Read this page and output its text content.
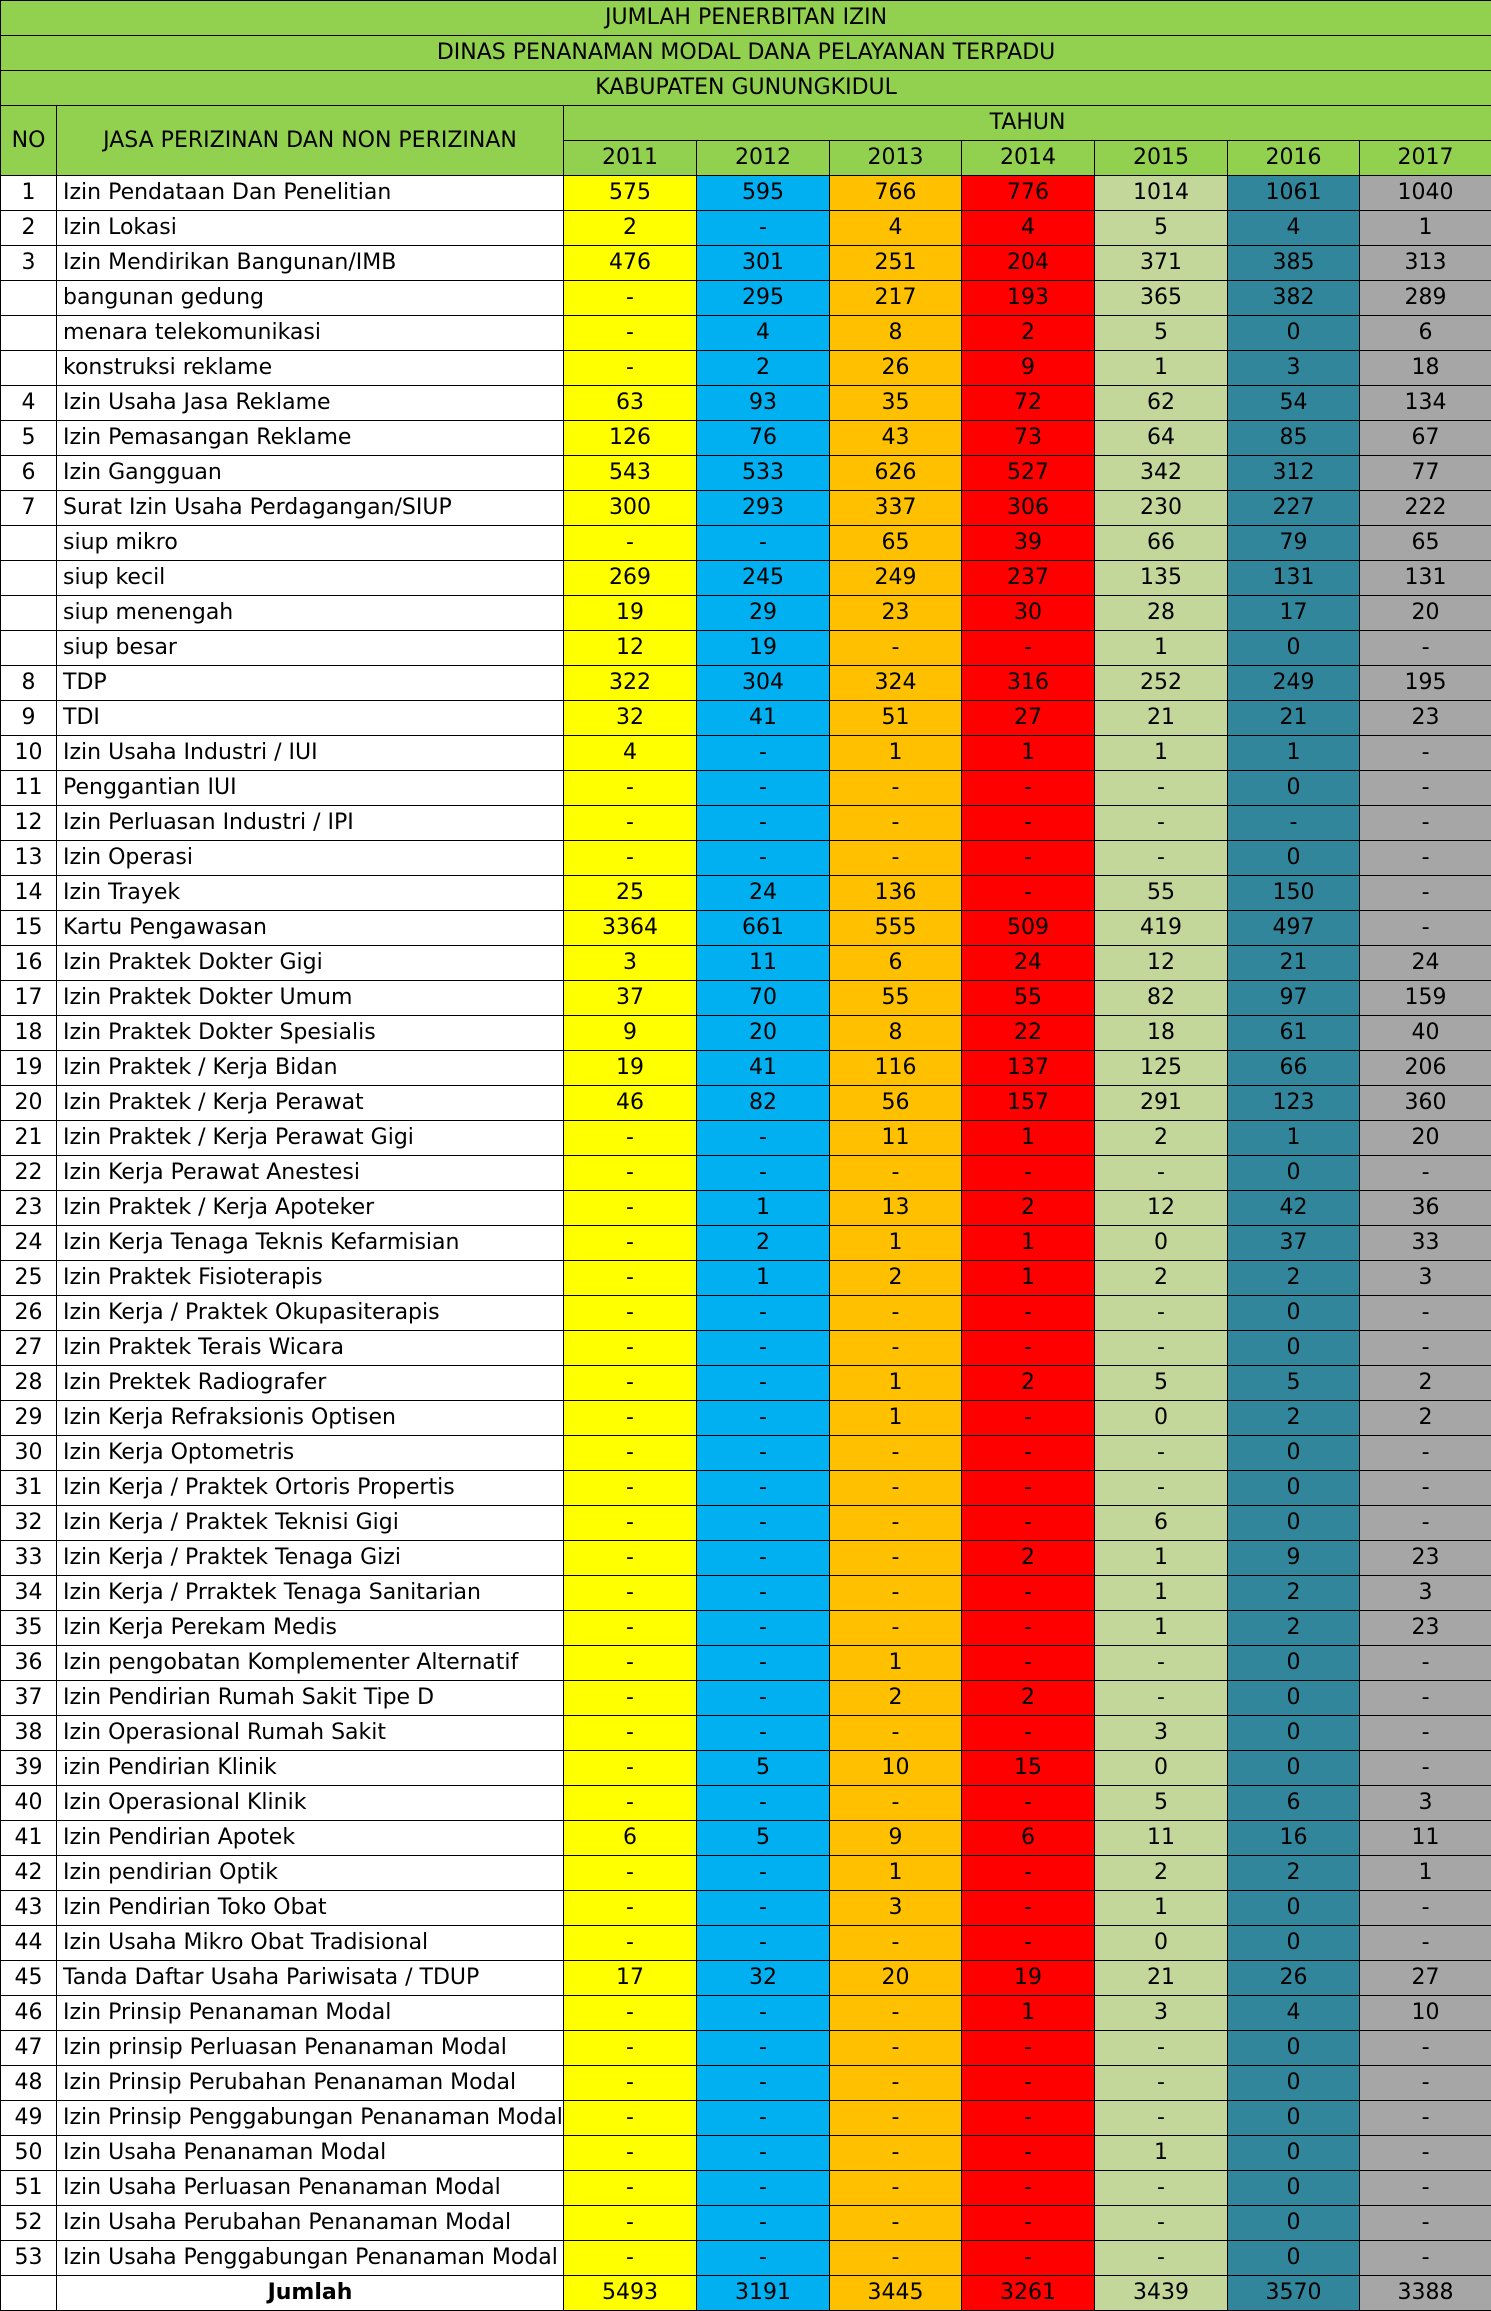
JUMLAH PENERBITAN IZIN								
DINAS PENANAMAN MODAL DANA PELAYANAN TERPADU								
KABUPATEN GUNUNGKIDUL								
NO	JASA PERIZINAN DAN NON PERIZINAN	TAHUN						
		2011	2012	2013	2014	2015	2016	2017
1	Izin Pendataan Dan Penelitian	575	595	766	776	1014	1061	1040
2	Izin Lokasi	2	-	4	4	5	4	1
3	Izin Mendirikan Bangunan/IMB	476	301	251	204	371	385	313
	bangunan gedung	-	295	217	193	365	382	289
	menara telekomunikasi	-	4	8	2	5	0	6
	konstruksi reklame	-	2	26	9	1	3	18
4	Izin Usaha Jasa Reklame	63	93	35	72	62	54	134
5	Izin Pemasangan Reklame	126	76	43	73	64	85	67
6	Izin Gangguan	543	533	626	527	342	312	77
7	Surat Izin Usaha Perdagangan/SIUP	300	293	337	306	230	227	222
	siup mikro	-	-	65	39	66	79	65
	siup kecil	269	245	249	237	135	131	131
	siup menengah	19	29	23	30	28	17	20
	siup besar	12	19	-	-	1	0	-
8	TDP	322	304	324	316	252	249	195
9	TDI	32	41	51	27	21	21	23
10	Izin Usaha Industri / IUI	4	-	1	1	1	1	-
11	Penggantian IUI	-	-	-	-	-	0	-
12	Izin Perluasan Industri / IPI	-	-	-	-	-	-	-
13	Izin Operasi	-	-	-	-	-	0	-
14	Izin Trayek	25	24	136	-	55	150	-
15	Kartu Pengawasan	3364	661	555	509	419	497	-
16	Izin Praktek Dokter Gigi	3	11	6	24	12	21	24
17	Izin Praktek Dokter Umum	37	70	55	55	82	97	159
18	Izin Praktek Dokter Spesialis	9	20	8	22	18	61	40
19	Izin Praktek / Kerja Bidan	19	41	116	137	125	66	206
20	Izin Praktek / Kerja Perawat	46	82	56	157	291	123	360
21	Izin Praktek / Kerja Perawat Gigi	-	-	11	1	2	1	20
22	Izin Kerja Perawat Anestesi	-	-	-	-	-	0	-
23	Izin Praktek / Kerja Apoteker	-	1	13	2	12	42	36
24	Izin Kerja Tenaga Teknis Kefarmisian	-	2	1	1	0	37	33
25	Izin Praktek Fisioterapis	-	1	2	1	2	2	3
26	Izin Kerja / Praktek Okupasiterapis	-	-	-	-	-	0	-
27	Izin Praktek Terais Wicara	-	-	-	-	-	0	-
28	Izin Prektek Radiografer	-	-	1	2	5	5	2
29	Izin Kerja Refraksionis Optisen	-	-	1	-	0	2	2
30	Izin Kerja Optometris	-	-	-	-	-	0	-
31	Izin Kerja / Praktek Ortoris Propertis	-	-	-	-	-	0	-
32	Izin Kerja / Praktek Teknisi Gigi	-	-	-	-	6	0	-
33	Izin Kerja / Praktek Tenaga Gizi	-	-	-	2	1	9	23
34	Izin Kerja / Prraktek Tenaga Sanitarian	-	-	-	-	1	2	3
35	Izin Kerja Perekam Medis	-	-	-	-	1	2	23
36	Izin pengobatan Komplementer Alternatif	-	-	1	-	-	0	-
37	Izin Pendirian Rumah Sakit Tipe D	-	-	2	2	-	0	-
38	Izin Operasional Rumah Sakit	-	-	-	-	3	0	-
39	izin Pendirian Klinik	-	5	10	15	0	0	-
40	Izin Operasional Klinik	-	-	-	-	5	6	3
41	Izin Pendirian Apotek	6	5	9	6	11	16	11
42	Izin pendirian Optik	-	-	1	-	2	2	1
43	Izin Pendirian Toko Obat	-	-	3	-	1	0	-
44	Izin Usaha Mikro Obat Tradisional	-	-	-	-	0	0	-
45	Tanda Daftar Usaha Pariwisata / TDUP	17	32	20	19	21	26	27
46	Izin Prinsip Penanaman Modal	-	-	-	1	3	4	10
47	Izin prinsip Perluasan Penanaman Modal	-	-	-	-	-	0	-
48	Izin Prinsip Perubahan Penanaman Modal	-	-	-	-	-	0	-
49	Izin Prinsip Penggabungan Penanaman Modal	-	-	-	-	-	0	-
50	Izin Usaha Penanaman Modal	-	-	-	-	1	0	-
51	Izin Usaha Perluasan Penanaman Modal	-	-	-	-	-	0	-
52	Izin Usaha Perubahan Penanaman Modal	-	-	-	-	-	0	-
53	Izin Usaha Penggabungan Penanaman Modal	-	-	-	-	-	0	-
	Jumlah	5493	3191	3445	3261	3439	3570	3388
